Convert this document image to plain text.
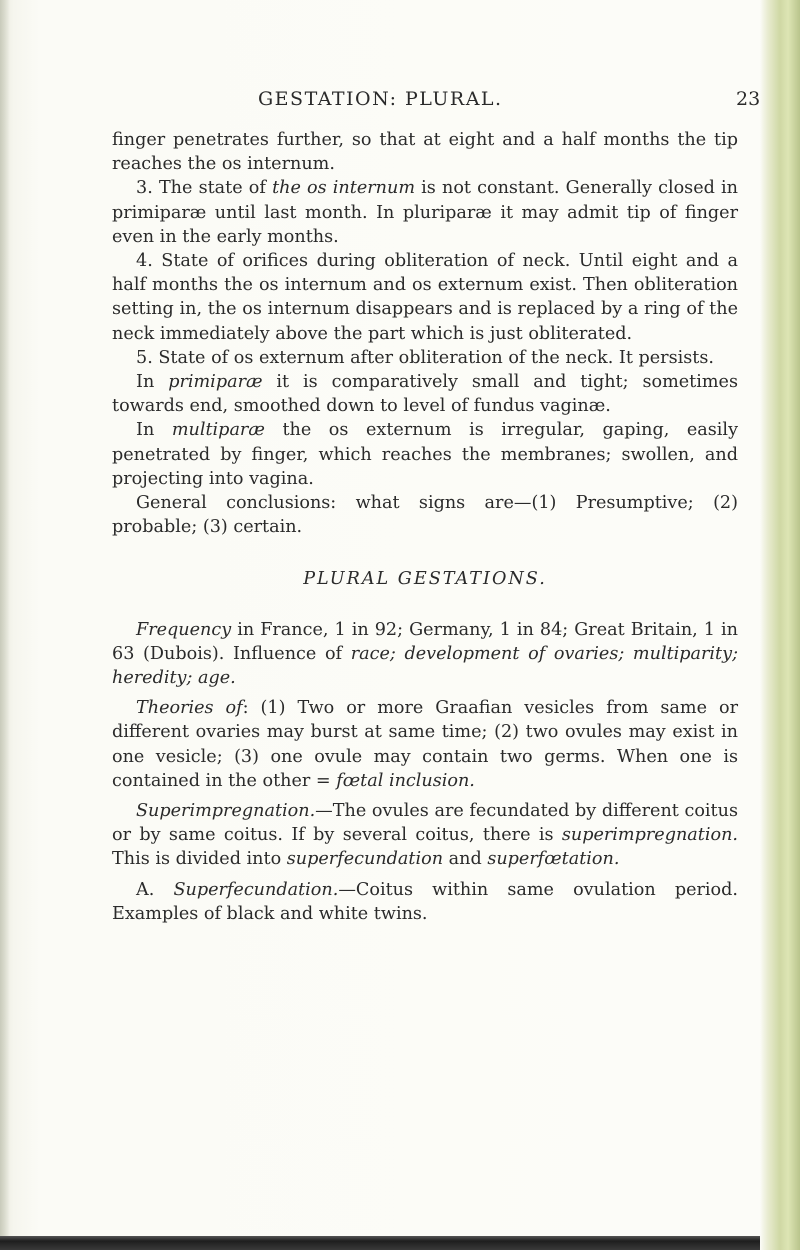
GESTATION: PLURAL.	23

finger penetrates further, so that at eight and a half months the tip reaches the os internum.

3. The state of the os internum is not constant. Generally closed in primiparæ until last month. In pluriparæ it may admit tip of finger even in the early months.

4. State of orifices during obliteration of neck. Until eight and a half months the os internum and os externum exist. Then obliteration setting in, the os internum disappears and is replaced by a ring of the neck immediately above the part which is just obliterated.

5. State of os externum after obliteration of the neck. It persists.

In primiparæ it is comparatively small and tight; sometimes towards end, smoothed down to level of fundus vaginæ.

In multiparæ the os externum is irregular, gaping, easily penetrated by finger, which reaches the membranes; swollen, and projecting into vagina.

General conclusions: what signs are—(1) Presumptive; (2) probable; (3) certain.

PLURAL GESTATIONS.

Frequency in France, 1 in 92; Germany, 1 in 84; Great Britain, 1 in 63 (Dubois). Influence of race; development of ovaries; multiparity; heredity; age.

Theories of: (1) Two or more Graafian vesicles from same or different ovaries may burst at same time; (2) two ovules may exist in one vesicle; (3) one ovule may contain two germs. When one is contained in the other = fœtal inclusion.

Superimpregnation.—The ovules are fecundated by different coitus or by same coitus. If by several coitus, there is superimpregnation. This is divided into superfecundation and superfœtation.

A. Superfecundation.—Coitus within same ovulation period. Examples of black and white twins.
